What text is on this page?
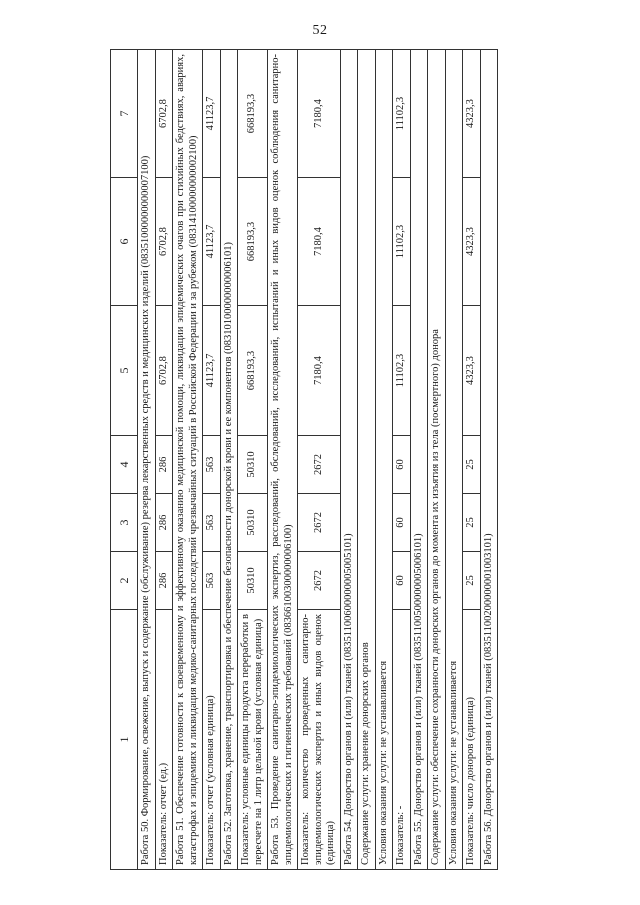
52
1	2	3	4	5	6	7
Работа 50. Формирование, освежение, выпуск и содержание (обслуживание) резерва лекарственных средств и медицинских изделий (08351000000000007100)						
Показатель: отчет (ед.)	286	286	286	6702,8	6702,8	6702,8
Работа 51. Обеспечение готовности к своевременному и эффективному оказанию медицинской помощи, ликвидации эпидемических очагов при стихийных бедствиях, авариях, катастрофах и эпидемиях и ликвидация медико-санитарных последствий чрезвычайных ситуаций в Российской Федерации и за рубежом (08314100000000002100)						
Показатель: отчет (условная единица)	563	563	563	41123,7	41123,7	41123,7
Работа 52. Заготовка, хранение, транспортировка и обеспечение безопасности донорской крови и ее компонентов (08310100000000006101)						
Показатель: условные единицы продукта переработки в пересчете на 1 литр цельной крови (условная единица)	50310	50310	50310	668193,3	668193,3	668193,3
Работа 53. Проведение санитарно-эпидемиологических экспертиз, расследований, обследований, исследований, испытаний и иных видов оценок соблюдения санитарно-эпидемиологических и гигиенических требований (08366100300000006100)						
Показатель: количество проведенных санитарно-эпидемиологических экспертиз и иных видов оценок (единица)	2672	2672	2672	7180,4	7180,4	7180,4
Работа 54. Донорство органов и (или) тканей (08351100600000005005101)						
Содержание услуги: хранение донорских органов						
Условия оказания услуги: не устанавливается						
Показатель: -	60	60	60	11102,3	11102,3	11102,3
Работа 55. Донорство органов и (или) тканей (08351100500000005006101)						
Содержание услуги: обеспечение сохранности донорских органов до момента их изъятия из тела (посмертного) донора						
Условия оказания услуги: не устанавливается						
Показатель: число доноров (единица)	25	25	25	4323,3	4323,3	4323,3
Работа 56. Донорство органов и (или) тканей (08351100200000001003101)						
